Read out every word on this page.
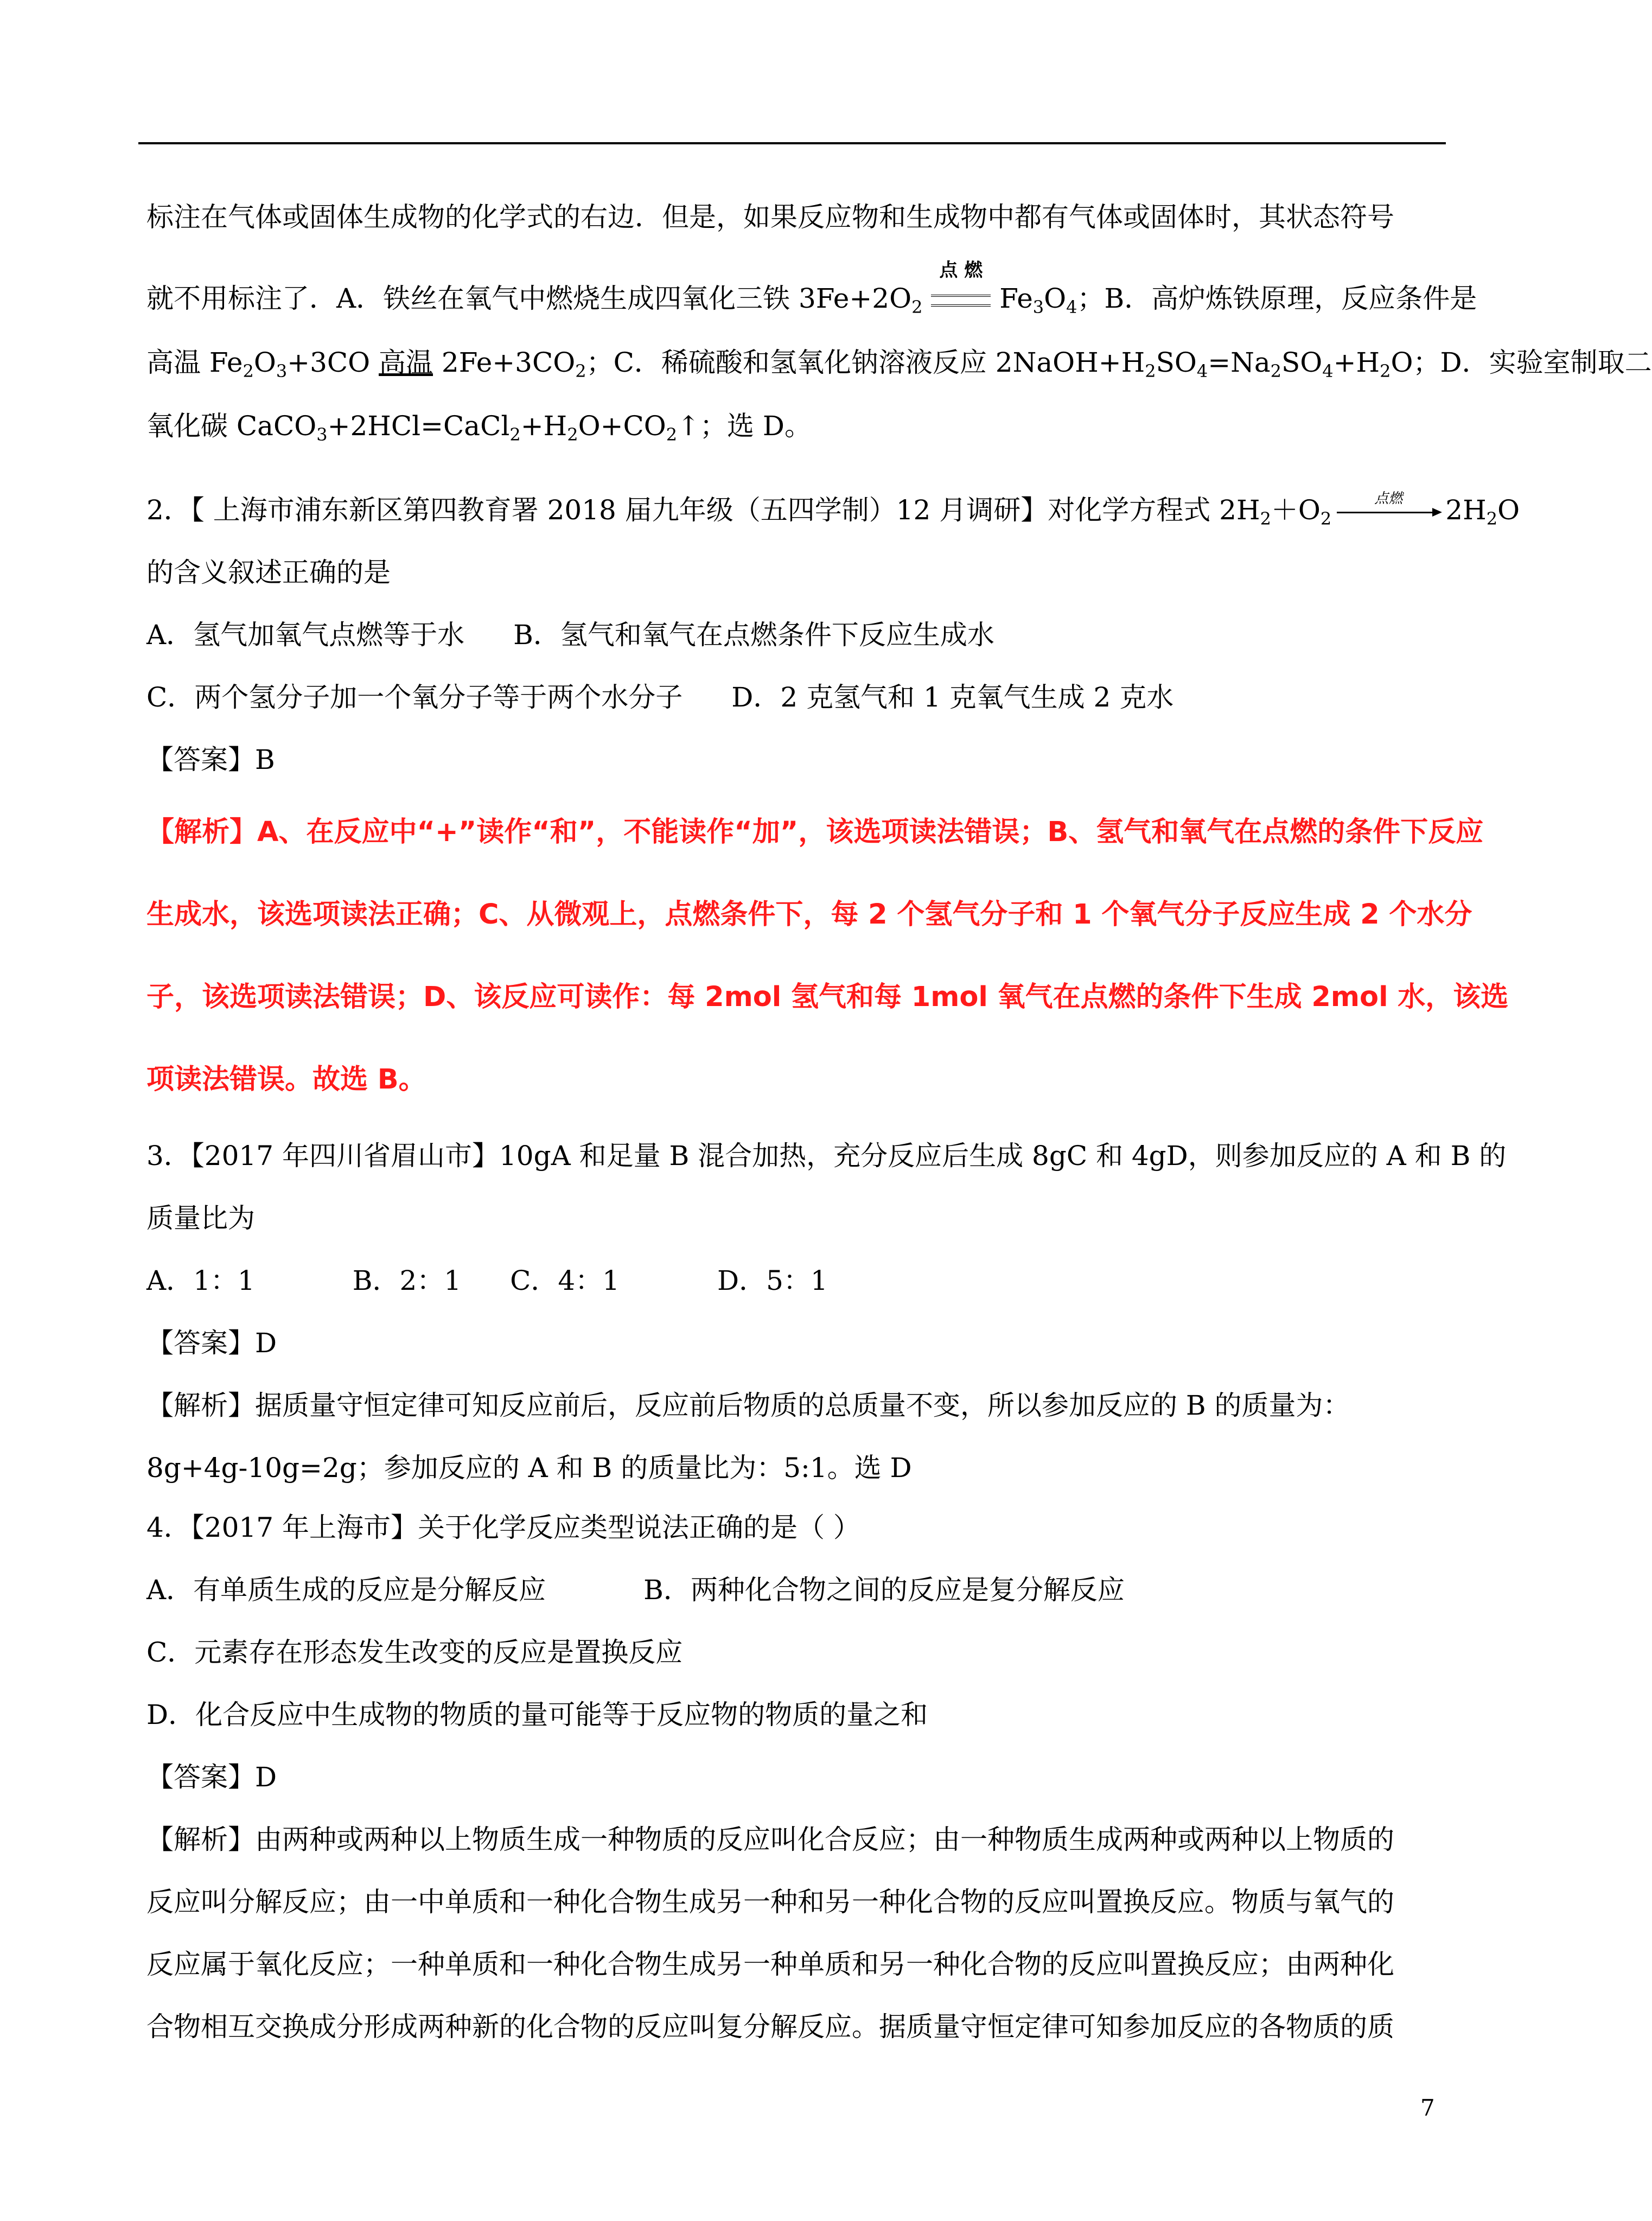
标注在气体或固体生成物的化学式的右边．但是，如果反应物和生成物中都有气体或固体时，其状态符号
就不用标注了．A．铁丝在氧气中燃烧生成四氧化三铁 $3Fe+2O_2$
点 燃
$Fe_3O_4$；B．高炉炼铁原理，反应条件是
高温 $Fe_2O_3+3CO$ 高温 $2Fe+3CO_2$；C．稀硫酸和氢氧化钠溶液反应 $2NaOH+H_2SO_4=Na_2SO_4+H_2O$；D．实验室制取二
氧化碳 $CaCO_3+2HCl=CaCl_2+H_2O+CO_2↑$；选 D。
2．【 上海市浦东新区第四教育署 2018 届九年级（五四学制）12 月调研】对化学方程式 $2H_2+O_2$
点燃	$2H_2O$
的含义叙述正确的是
A．氢气加氧气点燃等于水 B．氢气和氧气在点燃条件下反应生成水
C．两个氢分子加一个氧分子等于两个水分子 D．2 克氢气和 1 克氧气生成 2 克水
【答案】B
【解析】A、在反应中“+”读作“和”，不能读作“加”，该选项读法错误；B、氢气和氧气在点燃的条件下反应
生成水，该选项读法正确；C、从微观上，点燃条件下，每 2 个氢气分子和 1 个氧气分子反应生成 2 个水分
子，该选项读法错误；D、该反应可读作：每 2mol 氢气和每 1mol 氧气在点燃的条件下生成 2mol 水，该选
项读法错误。故选 B。
3．【2017 年四川省眉山市】10gA 和足量 B 混合加热，充分反应后生成 8gC 和 4gD，则参加反应的 A 和 B 的
质量比为
A．1：1	B．2：1 C．4：1	D．5：1
【答案】D
【解析】据质量守恒定律可知反应前后，反应前后物质的总质量不变，所以参加反应的 B 的质量为：
8g+4g-10g=2g；参加反应的 A 和 B 的质量比为：5:1。选 D
4．【2017 年上海市】关于化学反应类型说法正确的是（ ）
A．有单质生成的反应是分解反应	B．两种化合物之间的反应是复分解反应
C．元素存在形态发生改变的反应是置换反应
D．化合反应中生成物的物质的量可能等于反应物的物质的量之和
【答案】D
【解析】由两种或两种以上物质生成一种物质的反应叫化合反应；由一种物质生成两种或两种以上物质的
反应叫分解反应；由一中单质和一种化合物生成另一种和另一种化合物的反应叫置换反应。物质与氧气的
反应属于氧化反应；一种单质和一种化合物生成另一种单质和另一种化合物的反应叫置换反应；由两种化
合物相互交换成分形成两种新的化合物的反应叫复分解反应。据质量守恒定律可知参加反应的各物质的质
7
